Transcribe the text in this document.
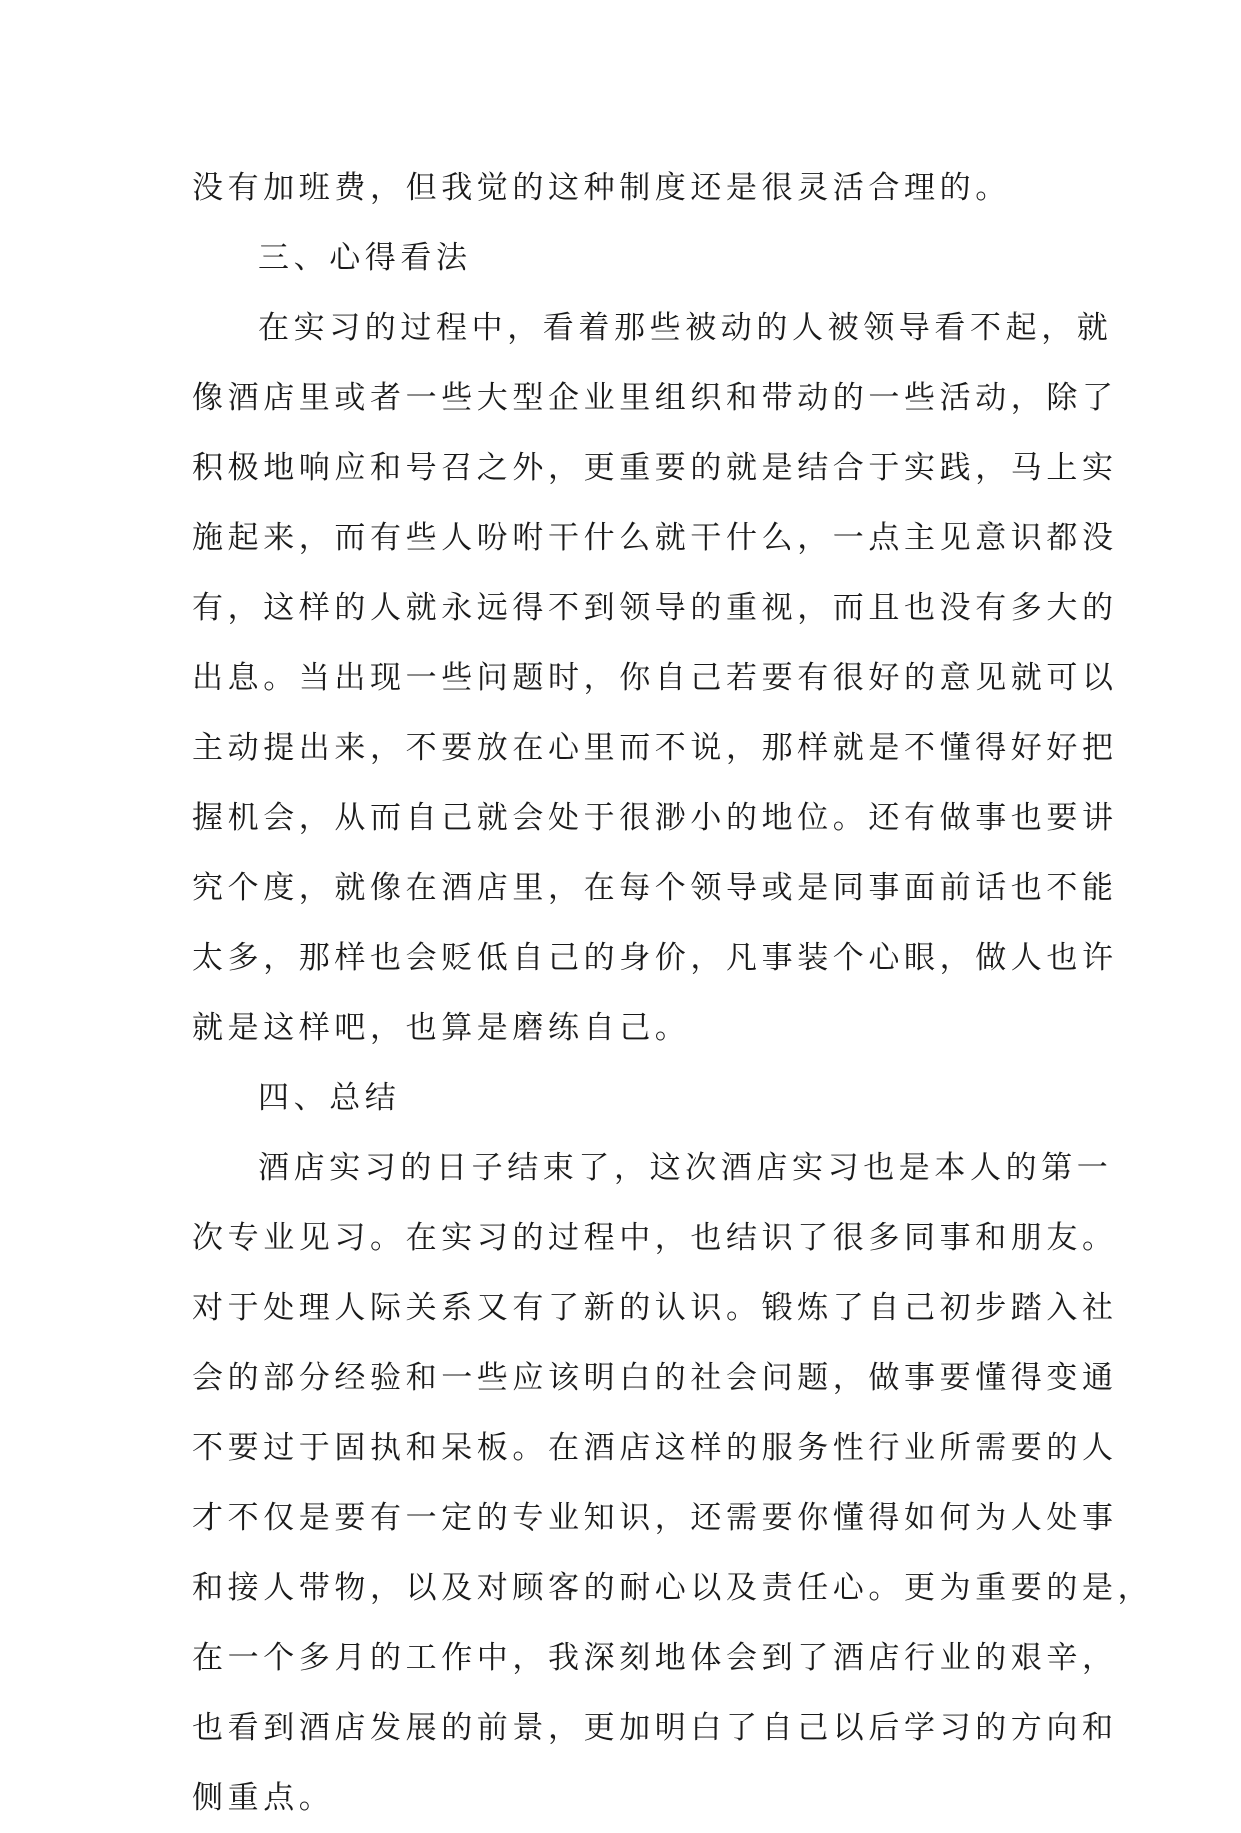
没有加班费，但我觉的这种制度还是很灵活合理的。
三、心得看法
在实习的过程中，看着那些被动的人被领导看不起，就
像酒店里或者一些大型企业里组织和带动的一些活动，除了
积极地响应和号召之外，更重要的就是结合于实践，马上实
施起来，而有些人吩咐干什么就干什么，一点主见意识都没
有，这样的人就永远得不到领导的重视，而且也没有多大的
出息。当出现一些问题时，你自己若要有很好的意见就可以
主动提出来，不要放在心里而不说，那样就是不懂得好好把
握机会，从而自己就会处于很渺小的地位。还有做事也要讲
究个度，就像在酒店里，在每个领导或是同事面前话也不能
太多，那样也会贬低自己的身价，凡事装个心眼，做人也许
就是这样吧，也算是磨练自己。
四、总结
酒店实习的日子结束了，这次酒店实习也是本人的第一
次专业见习。在实习的过程中，也结识了很多同事和朋友。
对于处理人际关系又有了新的认识。锻炼了自己初步踏入社
会的部分经验和一些应该明白的社会问题，做事要懂得变通
不要过于固执和呆板。在酒店这样的服务性行业所需要的人
才不仅是要有一定的专业知识，还需要你懂得如何为人处事
和接人带物，以及对顾客的耐心以及责任心。更为重要的是，
在一个多月的工作中，我深刻地体会到了酒店行业的艰辛，
也看到酒店发展的前景，更加明白了自己以后学习的方向和
侧重点。
